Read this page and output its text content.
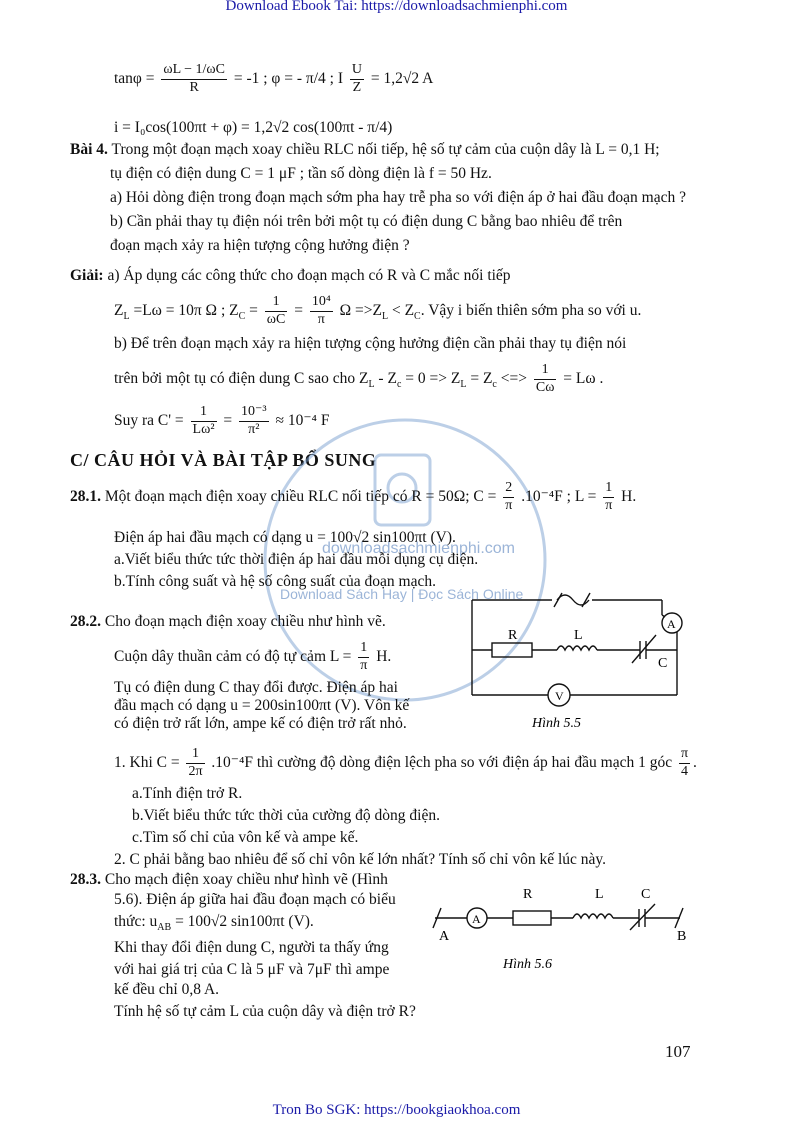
Download Ebook Tai: https://downloadsachmienphi.com
$\tan\varphi = \frac{\omega L - 1/\omega C}{R} = -1$ ; φ = - π/4 ; I $\frac{U}{Z} = 1,2√2$ A
i = I₀cos(100πt + φ) = 1,2√2 cos(100πt - π/4)
Bài 4. Trong một đoạn mạch xoay chiều RLC nối tiếp, hệ số tự cảm của cuộn dây là L = 0,1 H;
tụ điện có điện dung C = 1 μF ; tần số dòng điện là f = 50 Hz.
a) Hỏi dòng điện trong đoạn mạch sớm pha hay trễ pha so với điện áp ở hai đầu đoạn mạch ?
b) Cần phải thay tụ điện nói trên bởi một tụ có điện dung C bằng bao nhiêu để trên
đoạn mạch xảy ra hiện tượng cộng hưởng điện ?
Giải: a) Áp dụng các công thức cho đoạn mạch có R và C mắc nối tiếp
$Z_L =L\omega = 10\pi$ Ω ; $Z_C = \frac{1}{\omega C} = \frac{\text{10⁴}}{\pi}$ $\Omega =>Z_L < Z_C$. Vậy i biến thiên sớm pha so với u.
b) Để trên đoạn mạch xảy ra hiện tượng cộng hưởng điện cần phải thay tụ điện nói
trên bởi một tụ có điện dung C sao cho $Z_L - Z_c = 0 => Z_L = Z_c$ <=> $\frac{1}{C\omega} = L\omega$ .
Suy ra $C' = \frac{1}{\text{Lω²}} = \frac{\text{10⁻³}}{\text{π²}} \approx 10^{-4}$ F
C/ CÂU HỎI VÀ BÀI TẬP BỔ SUNG
downloadsachmienphi.com
Download Sách Hay | Đọc Sách Online
28.1. Một đoạn mạch điện xoay chiều RLC nối tiếp có R = 50Ω; $C = \frac{2}{\pi} .10^{-4}F$ ; $L = \frac{1}{\pi} H$.
Điện áp hai đầu mạch có dạng u = 100√2 sin100πt (V).
a.Viết biểu thức tức thời điện áp hai đầu mỗi dụng cụ điện.
b.Tính công suất và hệ số công suất của đoạn mạch.
28.2. Cho đoạn mạch điện xoay chiều như hình vẽ.
Cuộn dây thuần cảm có độ tự cảm $L = \frac{1}{\pi} H$.
Tụ có điện dung C thay đổi được. Điện áp hai
đầu mạch có dạng u = 200sin100πt (V). Vôn kế
có điện trở rất lớn, ampe kế có điện trở rất nhỏ.
R	L
C
A
V
Hình 5.5
1. Khi $C = \frac{1}{2\pi} .10^{-4}F$ thì cường độ dòng điện lệch pha so với điện áp hai đầu mạch 1 góc $\frac{\pi}{4}$ .
a.Tính điện trở R.
b.Viết biểu thức tức thời của cường độ dòng điện.
c.Tìm số chỉ của vôn kế và ampe kế.
2. C phải bằng bao nhiêu để số chỉ vôn kế lớn nhất? Tính số chỉ vôn kế lúc này.
28.3. Cho mạch điện xoay chiều như hình vẽ (Hình
5.6). Điện áp giữa hai đầu đoạn mạch có biểu
thức: $u_{AB} = 100√2$ sin100πt (V).
Khi thay đổi điện dung C, người ta thấy ứng
với hai giá trị của C là 5 μF và 7μF thì ampe
kế đều chỉ 0,8 A.
Tính hệ số tự cảm L của cuộn dây và điện trở R?
A
R	L	C
A	B
Hình 5.6
107
Tron Bo SGK: https://bookgiaokhoa.com
